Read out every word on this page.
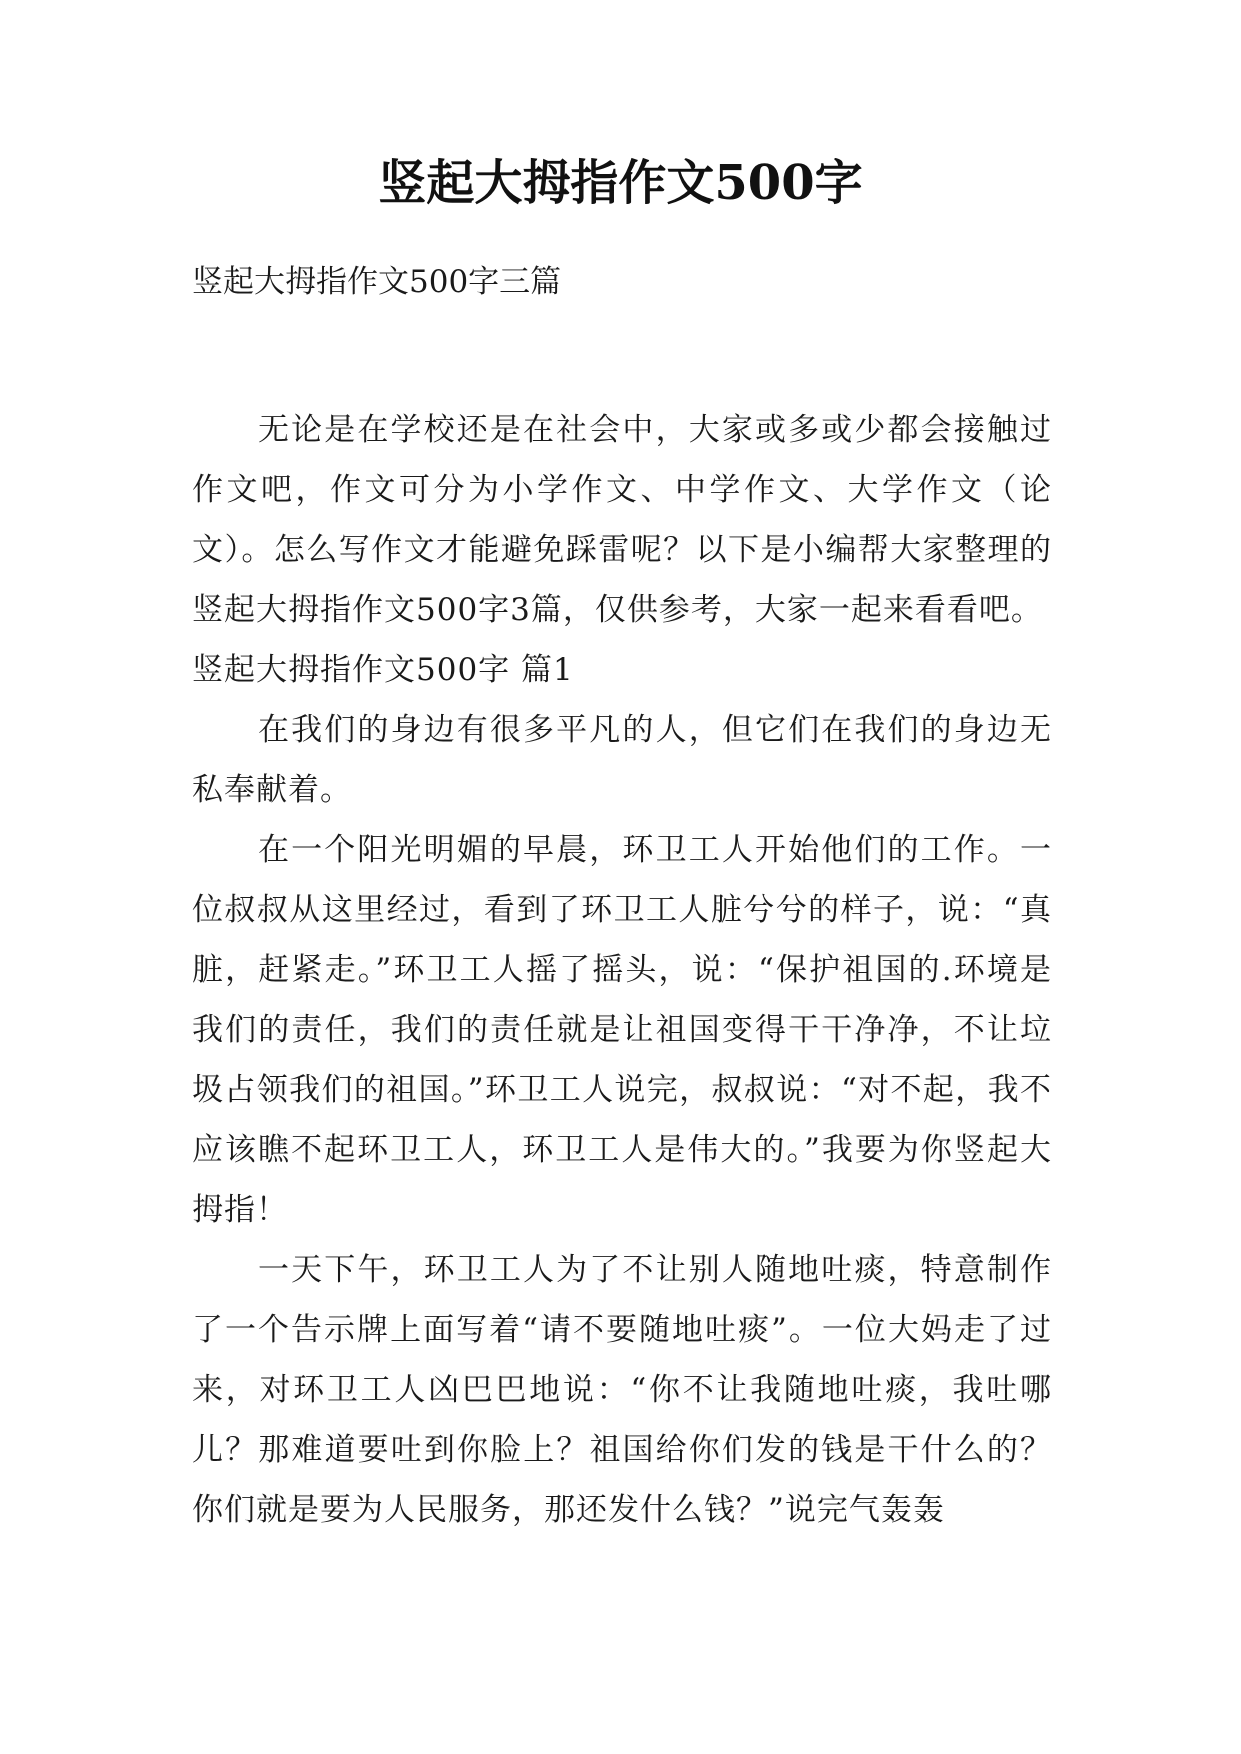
竖起大拇指作文500字

竖起大拇指作文500字三篇

无论是在学校还是在社会中，大家或多或少都会接触过作文吧，作文可分为小学作文、中学作文、大学作文（论文）。怎么写作文才能避免踩雷呢？以下是小编帮大家整理的竖起大拇指作文500字3篇，仅供参考，大家一起来看看吧。

竖起大拇指作文500字 篇1

在我们的身边有很多平凡的人，但它们在我们的身边无私奉献着。

在一个阳光明媚的早晨，环卫工人开始他们的工作。一位叔叔从这里经过，看到了环卫工人脏兮兮的样子，说：“真脏，赶紧走。”环卫工人摇了摇头，说：“保护祖国的.环境是我们的责任，我们的责任就是让祖国变得干干净净，不让垃圾占领我们的祖国。”环卫工人说完，叔叔说：“对不起，我不应该瞧不起环卫工人，环卫工人是伟大的。”我要为你竖起大拇指！

一天下午，环卫工人为了不让别人随地吐痰，特意制作了一个告示牌上面写着“请不要随地吐痰”。一位大妈走了过来，对环卫工人凶巴巴地说：“你不让我随地吐痰，我吐哪儿？那难道要吐到你脸上？祖国给你们发的钱是干什么的？你们就是要为人民服务，那还发什么钱？”说完气轰轰
